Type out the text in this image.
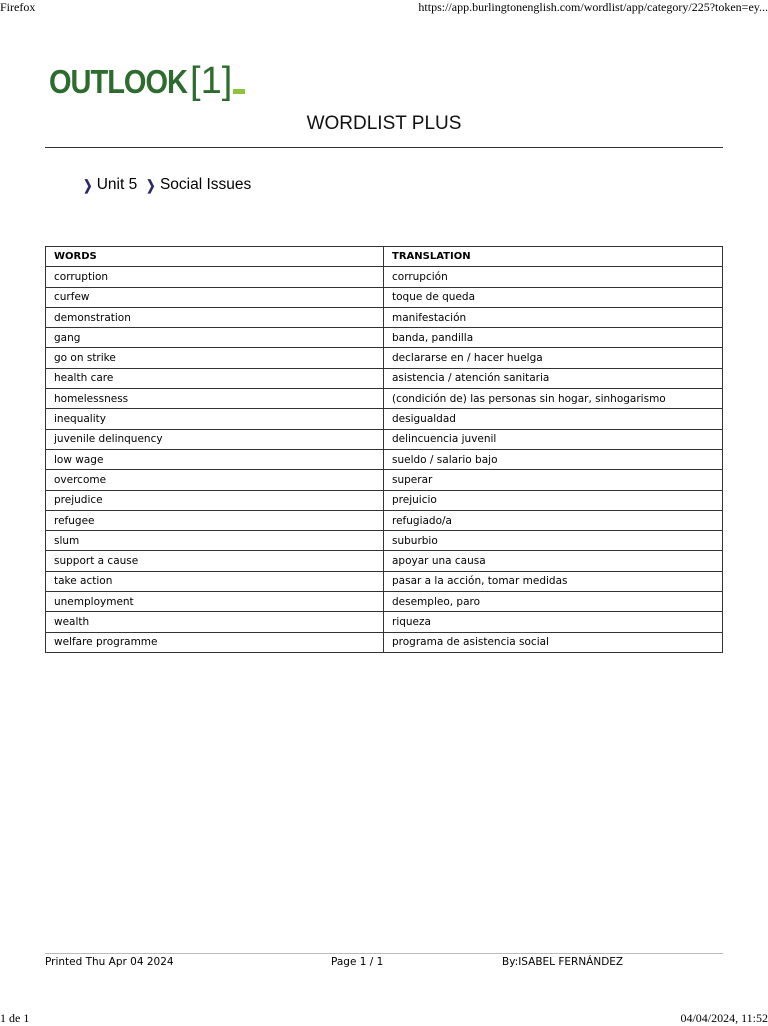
Firefox	https://app.burlingtonenglish.com/wordlist/app/category/225?token=ey...
OUTLOOK [1]
WORDLIST PLUS
❯ Unit 5 ❯ Social Issues
WORDS	TRANSLATION
corruption	corrupción
curfew	toque de queda
demonstration	manifestación
gang	banda, pandilla
go on strike	declararse en / hacer huelga
health care	asistencia / atención sanitaria
homelessness	(condición de) las personas sin hogar, sinhogarismo
inequality	desigualdad
juvenile delinquency	delincuencia juvenil
low wage	sueldo / salario bajo
overcome	superar
prejudice	prejuicio
refugee	refugiado/a
slum	suburbio
support a cause	apoyar una causa
take action	pasar a la acción, tomar medidas
unemployment	desempleo, paro
wealth	riqueza
welfare programme	programa de asistencia social
Printed Thu Apr 04 2024	Page 1 / 1	By:ISABEL FERNÁNDEZ
1 de 1	04/04/2024, 11:52
